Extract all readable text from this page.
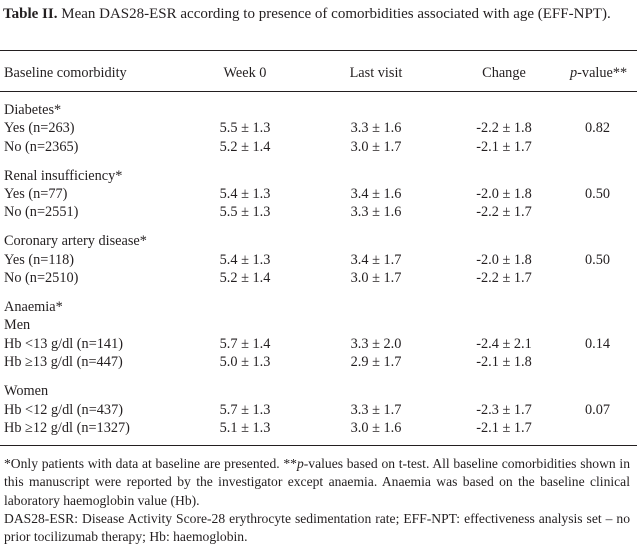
Table II. Mean DAS28-ESR according to presence of comorbidities associated with age (EFF-NPT).
Baseline comorbidity	Week 0	Last visit	Change	p-value**
Diabetes*
Yes (n=263)	5.5 ± 1.3	3.3 ± 1.6	-2.2 ± 1.8	0.82
No (n=2365)	5.2 ± 1.4	3.0 ± 1.7	-2.1 ± 1.7
Renal insufficiency*
Yes (n=77)	5.4 ± 1.3	3.4 ± 1.6	-2.0 ± 1.8	0.50
No (n=2551)	5.5 ± 1.3	3.3 ± 1.6	-2.2 ± 1.7
Coronary artery disease*
Yes (n=118)	5.4 ± 1.3	3.4 ± 1.7	-2.0 ± 1.8	0.50
No (n=2510)	5.2 ± 1.4	3.0 ± 1.7	-2.2 ± 1.7
Anaemia*
Men
Hb <13 g/dl (n=141)	5.7 ± 1.4	3.3 ± 2.0	-2.4 ± 2.1	0.14
Hb ≥13 g/dl (n=447)	5.0 ± 1.3	2.9 ± 1.7	-2.1 ± 1.8
Women
Hb <12 g/dl (n=437)	5.7 ± 1.3	3.3 ± 1.7	-2.3 ± 1.7	0.07
Hb ≥12 g/dl (n=1327)	5.1 ± 1.3	3.0 ± 1.6	-2.1 ± 1.7
*Only patients with data at baseline are presented. **p-values based on t-test. All baseline comorbidities shown in this manuscript were reported by the investigator except anaemia. Anaemia was based on the baseline clinical laboratory haemoglobin value (Hb).
DAS28-ESR: Disease Activity Score-28 erythrocyte sedimentation rate; EFF-NPT: effectiveness analysis set – no prior tocilizumab therapy; Hb: haemoglobin.
